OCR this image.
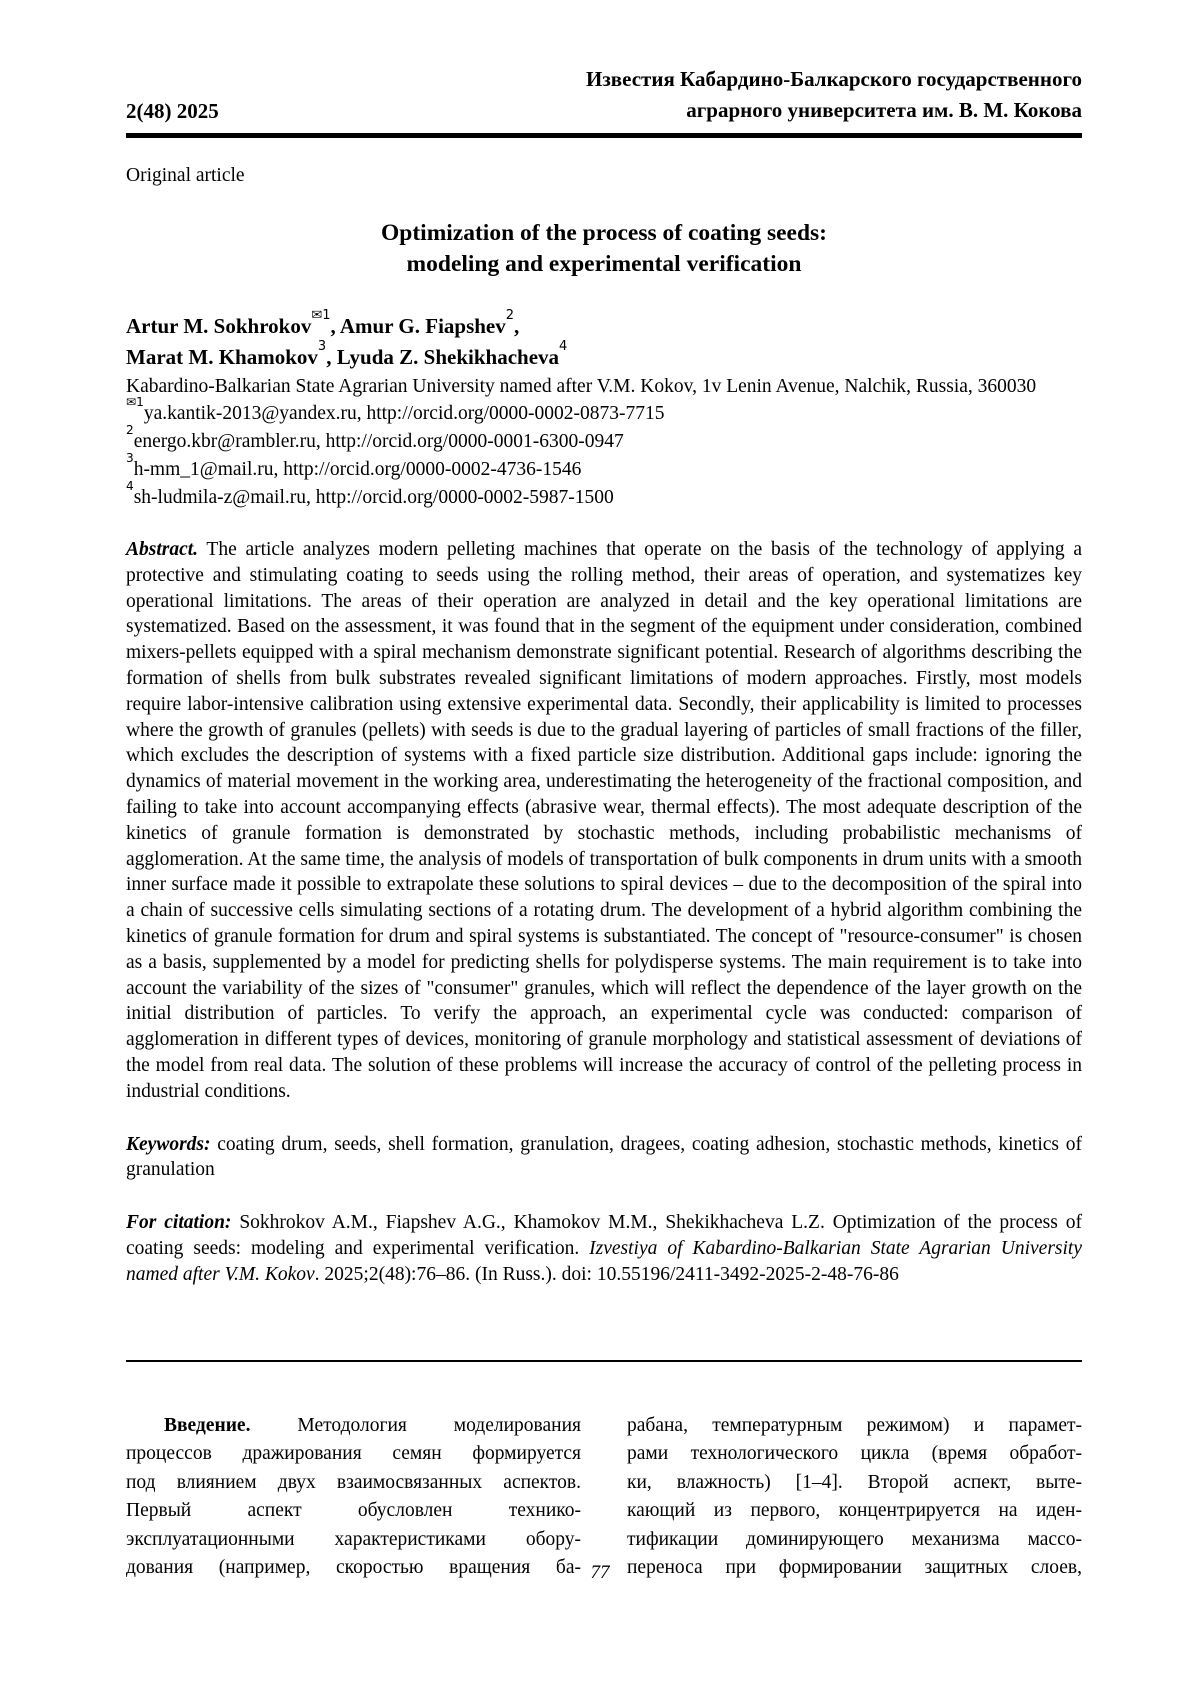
2(48) 2025
Известия Кабардино-Балкарского государственного
аграрного университета им. В. М. Кокова
Original article
Optimization of the process of coating seeds:
modeling and experimental verification
Artur M. Sokhrokov$^{✉1}$, Amur G. Fiapshev$^2$,
Marat M. Khamokov$^3$, Lyuda Z. Shekikhacheva$^4$
Kabardino-Balkarian State Agrarian University named after V.M. Kokov, 1v Lenin Avenue, Nalchik, Russia, 360030
$^{✉1}$ya.kantik-2013@yandex.ru, http://orcid.org/0000-0002-0873-7715
$^2$energo.kbr@rambler.ru, http://orcid.org/0000-0001-6300-0947
$^3$h-mm_1@mail.ru, http://orcid.org/0000-0002-4736-1546
$^4$sh-ludmila-z@mail.ru, http://orcid.org/0000-0002-5987-1500

Abstract. The article analyzes modern pelleting machines that operate on the basis of the technology of applying a protective and stimulating coating to seeds using the rolling method, their areas of operation, and systematizes key operational limitations. The areas of their operation are analyzed in detail and the key operational limitations are systematized. Based on the assessment, it was found that in the segment of the equipment under consideration, combined mixers-pellets equipped with a spiral mechanism demonstrate significant potential. Research of algorithms describing the formation of shells from bulk substrates revealed significant limitations of modern approaches. Firstly, most models require labor-intensive calibration using extensive experimental data. Secondly, their applicability is limited to processes where the growth of granules (pellets) with seeds is due to the gradual layering of particles of small fractions of the filler, which excludes the description of systems with a fixed particle size distribution. Additional gaps include: ignoring the dynamics of material movement in the working area, underestimating the heterogeneity of the fractional composition, and failing to take into account accompanying effects (abrasive wear, thermal effects). The most adequate description of the kinetics of granule formation is demonstrated by stochastic methods, including probabilistic mechanisms of agglomeration. At the same time, the analysis of models of transportation of bulk components in drum units with a smooth inner surface made it possible to extrapolate these solutions to spiral devices – due to the decomposition of the spiral into a chain of successive cells simulating sections of a rotating drum. The development of a hybrid algorithm combining the kinetics of granule formation for drum and spiral systems is substantiated. The concept of "resource-consumer" is chosen as a basis, supplemented by a model for predicting shells for polydisperse systems. The main requirement is to take into account the variability of the sizes of "consumer" granules, which will reflect the dependence of the layer growth on the initial distribution of particles. To verify the approach, an experimental cycle was conducted: comparison of agglomeration in different types of devices, monitoring of granule morphology and statistical assessment of deviations of the model from real data. The solution of these problems will increase the accuracy of control of the pelleting process in industrial conditions.

Keywords: coating drum, seeds, shell formation, granulation, dragees, coating adhesion, stochastic methods, kinetics of granulation

For citation: Sokhrokov A.M., Fiapshev A.G., Khamokov M.M., Shekikhacheva L.Z. Optimization of the process of coating seeds: modeling and experimental verification. Izvestiya of Kabardino-Balkarian State Agrarian University named after V.M. Kokov. 2025;2(48):76–86. (In Russ.). doi: 10.55196/2411-3492-2025-2-48-76-86

Введение. Методология моделирования
процессов дражирования семян формируется
под влиянием двух взаимосвязанных аспектов.
Первый аспект обусловлен технико-
эксплуатационными характеристиками обору-
дования (например, скоростью вращения ба-
рабана, температурным режимом) и парамет-
рами технологического цикла (время обработ-
ки, влажность) [1–4]. Второй аспект, выте-
кающий из первого, концентрируется на иден-
тификации доминирующего механизма массо-
переноса при формировании защитных слоев,
77
